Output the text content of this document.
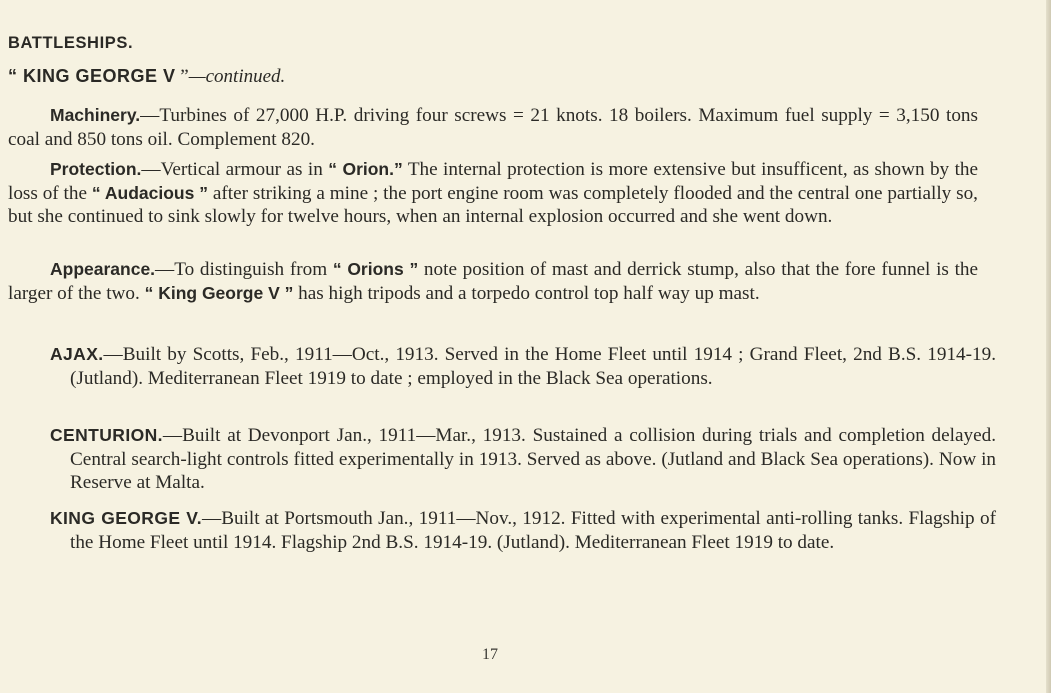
BATTLESHIPS.
“ KING GEORGE V ”—continued.

Machinery.—Turbines of 27,000 H.P. driving four screws = 21 knots. 18 boilers. Maximum fuel supply = 3,150 tons coal and 850 tons oil. Complement 820.

Protection.—Vertical armour as in “ Orion.” The internal protection is more extensive but insufficent, as shown by the loss of the “ Audacious ” after striking a mine ; the port engine room was completely flooded and the central one partially so, but she continued to sink slowly for twelve hours, when an internal explosion occurred and she went down.

Appearance.—To distinguish from “ Orions ” note position of mast and derrick stump, also that the fore funnel is the larger of the two. “ King George V ” has high tripods and a torpedo control top half way up mast.

AJAX.—Built by Scotts, Feb., 1911—Oct., 1913. Served in the Home Fleet until 1914 ; Grand Fleet, 2nd B.S. 1914-19. (Jutland). Mediterranean Fleet 1919 to date ; employed in the Black Sea operations.

CENTURION.—Built at Devonport Jan., 1911—Mar., 1913. Sustained a collision during trials and completion delayed. Central search-light controls fitted experimentally in 1913. Served as above. (Jutland and Black Sea operations). Now in Reserve at Malta.

KING GEORGE V.—Built at Portsmouth Jan., 1911—Nov., 1912. Fitted with experimental anti-rolling tanks. Flagship of the Home Fleet until 1914. Flagship 2nd B.S. 1914-19. (Jutland). Mediterranean Fleet 1919 to date.

17
